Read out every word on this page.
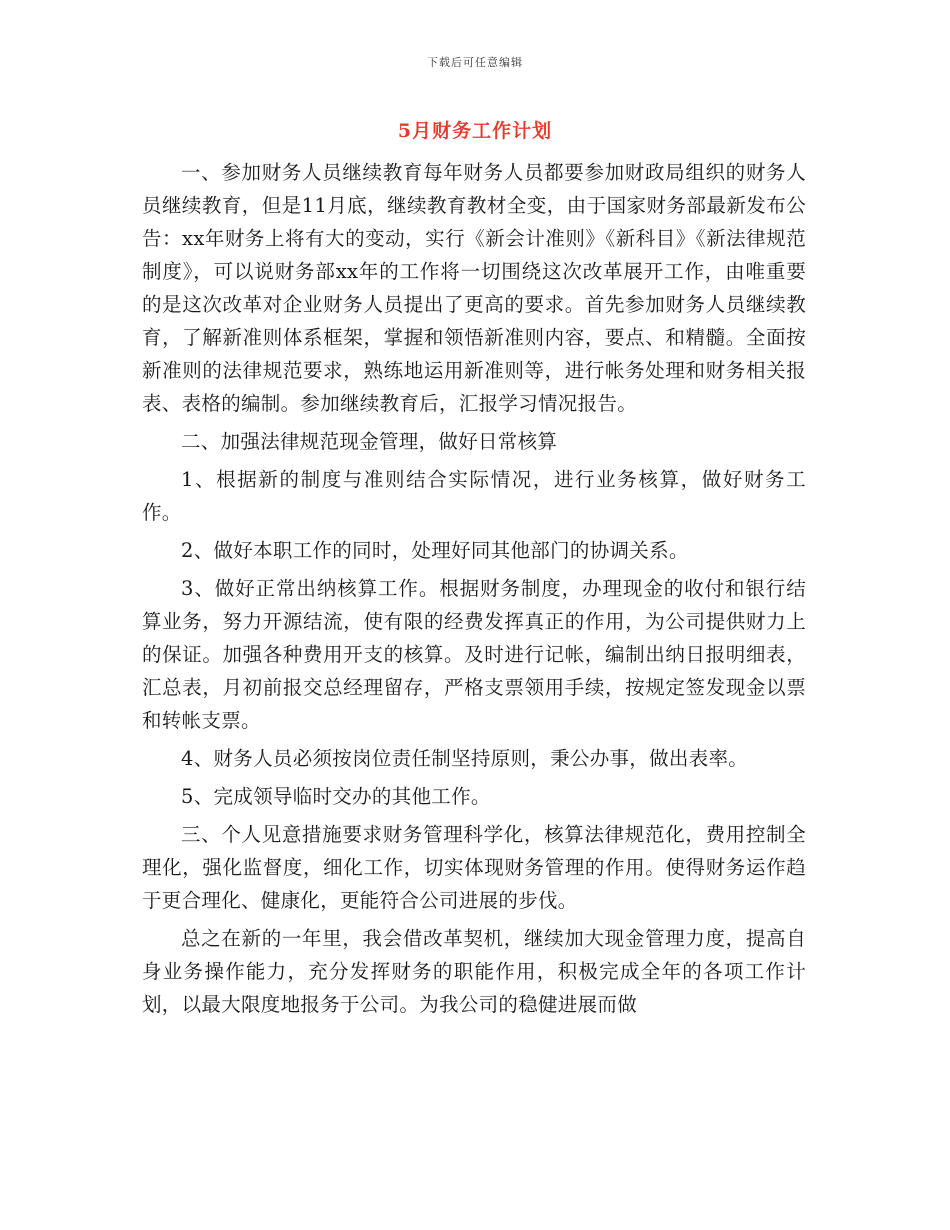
下载后可任意编辑
5月财务工作计划

一、参加财务人员继续教育每年财务人员都要参加财政局组织的财务人员继续教育，但是11月底，继续教育教材全变，由于国家财务部最新发布公告：xx年财务上将有大的变动，实行《新会计准则》《新科目》《新法律规范制度》，可以说财务部xx年的工作将一切围绕这次改革展开工作，由唯重要的是这次改革对企业财务人员提出了更高的要求。首先参加财务人员继续教育，了解新准则体系框架，掌握和领悟新准则内容，要点、和精髓。全面按新准则的法律规范要求，熟练地运用新准则等，进行帐务处理和财务相关报表、表格的编制。参加继续教育后，汇报学习情况报告。

二、加强法律规范现金管理，做好日常核算

1、根据新的制度与准则结合实际情况，进行业务核算，做好财务工作。

2、做好本职工作的同时，处理好同其他部门的协调关系。

3、做好正常出纳核算工作。根据财务制度，办理现金的收付和银行结算业务，努力开源结流，使有限的经费发挥真正的作用，为公司提供财力上的保证。加强各种费用开支的核算。及时进行记帐，编制出纳日报明细表，汇总表，月初前报交总经理留存，严格支票领用手续，按规定签发现金以票和转帐支票。

4、财务人员必须按岗位责任制坚持原则，秉公办事，做出表率。

5、完成领导临时交办的其他工作。

三、个人见意措施要求财务管理科学化，核算法律规范化，费用控制全理化，强化监督度，细化工作，切实体现财务管理的作用。使得财务运作趋于更合理化、健康化，更能符合公司进展的步伐。

总之在新的一年里，我会借改革契机，继续加大现金管理力度，提高自身业务操作能力，充分发挥财务的职能作用，积极完成全年的各项工作计划，以最大限度地报务于公司。为我公司的稳健进展而做
